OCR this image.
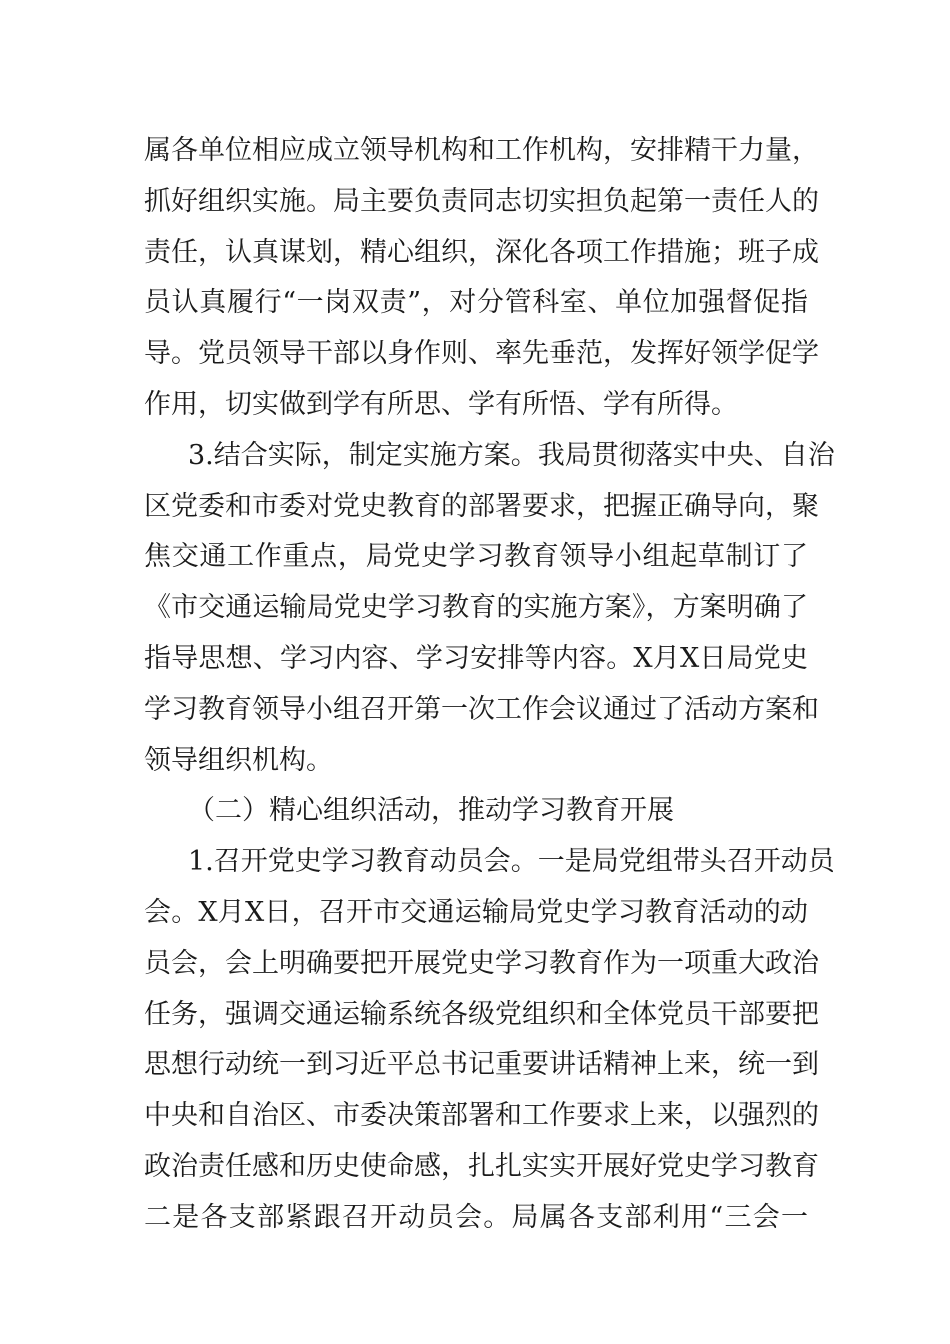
属各单位相应成立领导机构和工作机构，安排精干力量，
抓好组织实施。局主要负责同志切实担负起第一责任人的
责任，认真谋划，精心组织，深化各项工作措施；班子成
员认真履行“一岗双责”，对分管科室、单位加强督促指
导。党员领导干部以身作则、率先垂范，发挥好领学促学
作用，切实做到学有所思、学有所悟、学有所得。
3.结合实际，制定实施方案。我局贯彻落实中央、自治
区党委和市委对党史教育的部署要求，把握正确导向，聚
焦交通工作重点，局党史学习教育领导小组起草制订了
《市交通运输局党史学习教育的实施方案》，方案明确了
指导思想、学习内容、学习安排等内容。X月X日局党史
学习教育领导小组召开第一次工作会议通过了活动方案和
领导组织机构。
（二）精心组织活动，推动学习教育开展
1.召开党史学习教育动员会。一是局党组带头召开动员
会。X月X日，召开市交通运输局党史学习教育活动的动
员会，会上明确要把开展党史学习教育作为一项重大政治
任务，强调交通运输系统各级党组织和全体党员干部要把
思想行动统一到习近平总书记重要讲话精神上来，统一到
中央和自治区、市委决策部署和工作要求上来，以强烈的
政治责任感和历史使命感，扎扎实实开展好党史学习教育
二是各支部紧跟召开动员会。局属各支部利用“三会一
